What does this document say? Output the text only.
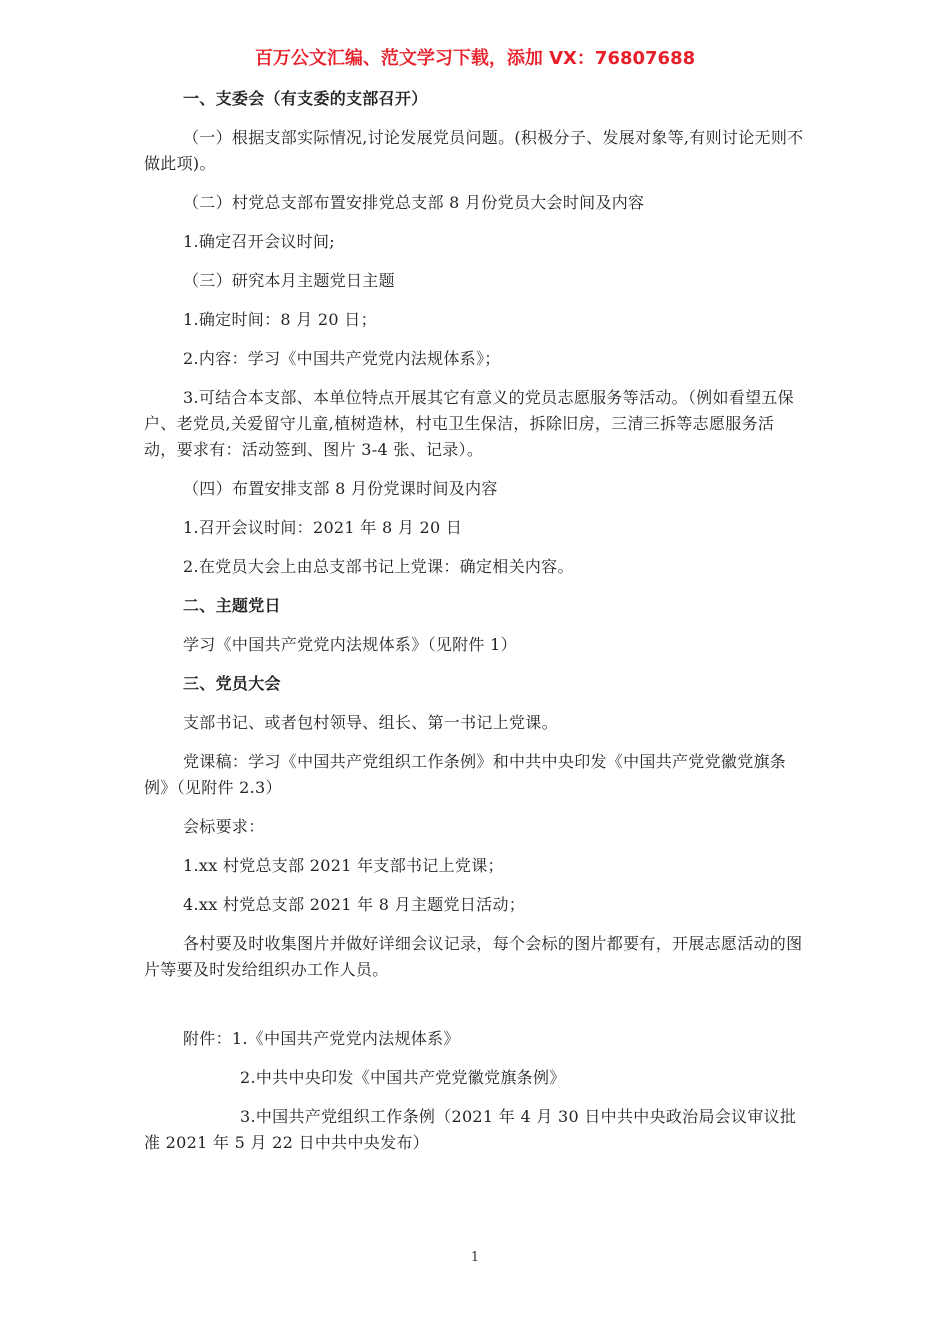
百万公文汇编、范文学习下载，添加 VX：76807688

一、支委会（有支委的支部召开）

（一）根据支部实际情况,讨论发展党员问题。(积极分子、发展对象等,有则讨论无则不做此项)。

（二）村党总支部布置安排党总支部 8 月份党员大会时间及内容

1.确定召开会议时间;

（三）研究本月主题党日主题

1.确定时间：8 月 20 日；

2.内容：学习《中国共产党党内法规体系》；

3.可结合本支部、本单位特点开展其它有意义的党员志愿服务等活动。（例如看望五保户、老党员,关爱留守儿童,植树造林，村屯卫生保洁，拆除旧房，三清三拆等志愿服务活动，要求有：活动签到、图片 3-4 张、记录）。

（四）布置安排支部 8 月份党课时间及内容

1.召开会议时间：2021 年 8 月 20 日

2.在党员大会上由总支部书记上党课：确定相关内容。

二、主题党日

学习《中国共产党党内法规体系》（见附件 1）

三、党员大会

支部书记、或者包村领导、组长、第一书记上党课。

党课稿：学习《中国共产党组织工作条例》和中共中央印发《中国共产党党徽党旗条例》（见附件 2.3）

会标要求：

1.xx 村党总支部 2021 年支部书记上党课；

4.xx 村党总支部 2021 年 8 月主题党日活动；

各村要及时收集图片并做好详细会议记录，每个会标的图片都要有，开展志愿活动的图片等要及时发给组织办工作人员。

附件：1.《中国共产党党内法规体系》

2.中共中央印发《中国共产党党徽党旗条例》

3.中国共产党组织工作条例（2021 年 4 月 30 日中共中央政治局会议审议批准 2021 年 5 月 22 日中共中央发布）

1
